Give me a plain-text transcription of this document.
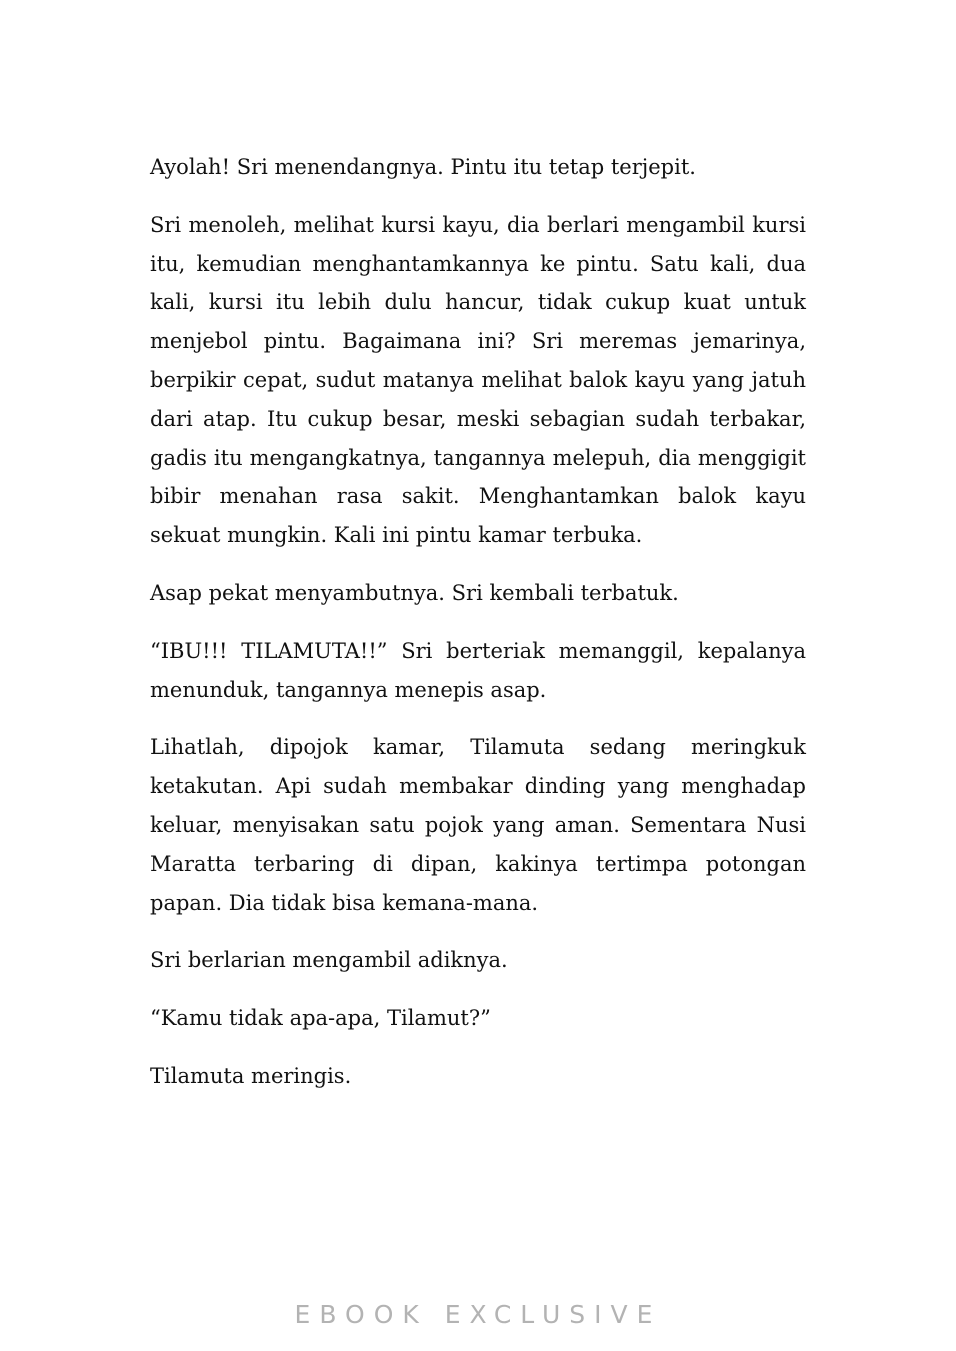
Ayolah! Sri menendangnya. Pintu itu tetap terjepit.

Sri menoleh, melihat kursi kayu, dia berlari mengambil kursi itu, kemudian menghantamkannya ke pintu. Satu kali, dua kali, kursi itu lebih dulu hancur, tidak cukup kuat untuk menjebol pintu. Bagaimana ini? Sri meremas jemarinya, berpikir cepat, sudut matanya melihat balok kayu yang jatuh dari atap. Itu cukup besar, meski sebagian sudah terbakar, gadis itu mengangkatnya, tangannya melepuh, dia menggigit bibir menahan rasa sakit. Menghantamkan balok kayu sekuat mungkin. Kali ini pintu kamar terbuka.

Asap pekat menyambutnya. Sri kembali terbatuk.

“IBU!!! TILAMUTA!!” Sri berteriak memanggil, kepalanya menunduk, tangannya menepis asap.

Lihatlah, dipojok kamar, Tilamuta sedang meringkuk ketakutan. Api sudah membakar dinding yang menghadap keluar, menyisakan satu pojok yang aman. Sementara Nusi Maratta terbaring di dipan, kakinya tertimpa potongan papan. Dia tidak bisa kemana-mana.

Sri berlarian mengambil adiknya.

“Kamu tidak apa-apa, Tilamut?”

Tilamuta meringis.

EBOOK EXCLUSIVE
